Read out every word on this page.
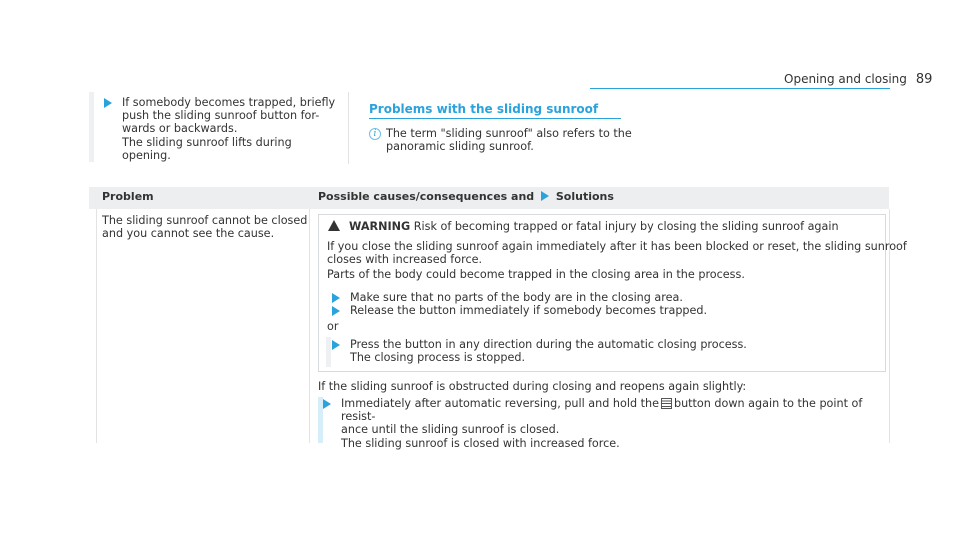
Opening and closing 89
If somebody becomes trapped, briefly
push the sliding sunroof button for-
wards or backwards.
The sliding sunroof lifts during opening.
Problems with the sliding sunroof
i The term "sliding sunroof" also refers to the
panoramic sliding sunroof.
Problem	Possible causes/consequences and Solutions
The sliding sunroof cannot be closed
and you cannot see the cause.
WARNING Risk of becoming trapped or fatal injury by closing the sliding sunroof again
If you close the sliding sunroof again immediately after it has been blocked or reset, the sliding sunroof
closes with increased force.
Parts of the body could become trapped in the closing area in the process.
Make sure that no parts of the body are in the closing area.
Release the button immediately if somebody becomes trapped.
or
Press the button in any direction during the automatic closing process.
The closing process is stopped.
If the sliding sunroof is obstructed during closing and reopens again slightly:
Immediately after automatic reversing, pull and hold the button down again to the point of resist-
ance until the sliding sunroof is closed.
The sliding sunroof is closed with increased force.
